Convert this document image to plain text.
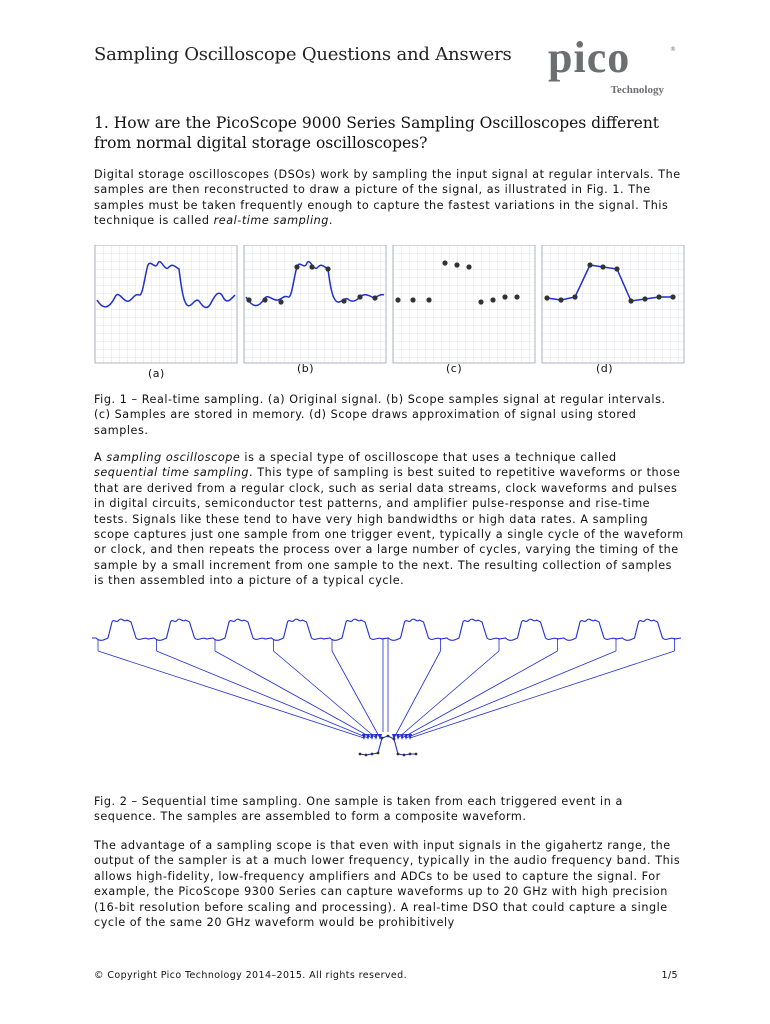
Sampling Oscilloscope Questions and Answers pico	®
Technology
1. How are the PicoScope 9000 Series Sampling Oscilloscopes different from normal digital storage oscilloscopes?
Digital storage oscilloscopes (DSOs) work by sampling the input signal at regular intervals. The samples are then reconstructed to draw a picture of the signal, as illustrated in Fig. 1. The samples must be taken frequently enough to capture the fastest variations in the signal. This technique is called real-time sampling.
(a)	(b)	(c)	(d)
Fig. 1 – Real-time sampling. (a) Original signal. (b) Scope samples signal at regular intervals. (c) Samples are stored in memory. (d) Scope draws approximation of signal using stored samples.
A sampling oscilloscope is a special type of oscilloscope that uses a technique called sequential time sampling. This type of sampling is best suited to repetitive waveforms or those that are derived from a regular clock, such as serial data streams, clock waveforms and pulses in digital circuits, semiconductor test patterns, and amplifier pulse-response and rise-time tests. Signals like these tend to have very high bandwidths or high data rates. A sampling scope captures just one sample from one trigger event, typically a single cycle of the waveform or clock, and then repeats the process over a large number of cycles, varying the timing of the sample by a small increment from one sample to the next. The resulting collection of samples is then assembled into a picture of a typical cycle.
Fig. 2 – Sequential time sampling. One sample is taken from each triggered event in a sequence. The samples are assembled to form a composite waveform.
The advantage of a sampling scope is that even with input signals in the gigahertz range, the output of the sampler is at a much lower frequency, typically in the audio frequency band. This allows high-fidelity, low-frequency amplifiers and ADCs to be used to capture the signal. For example, the PicoScope 9300 Series can capture waveforms up to 20 GHz with high precision (16-bit resolution before scaling and processing). A real-time DSO that could capture a single cycle of the same 20 GHz waveform would be prohibitively
© Copyright Pico Technology 2014–2015. All rights reserved.	1/5
